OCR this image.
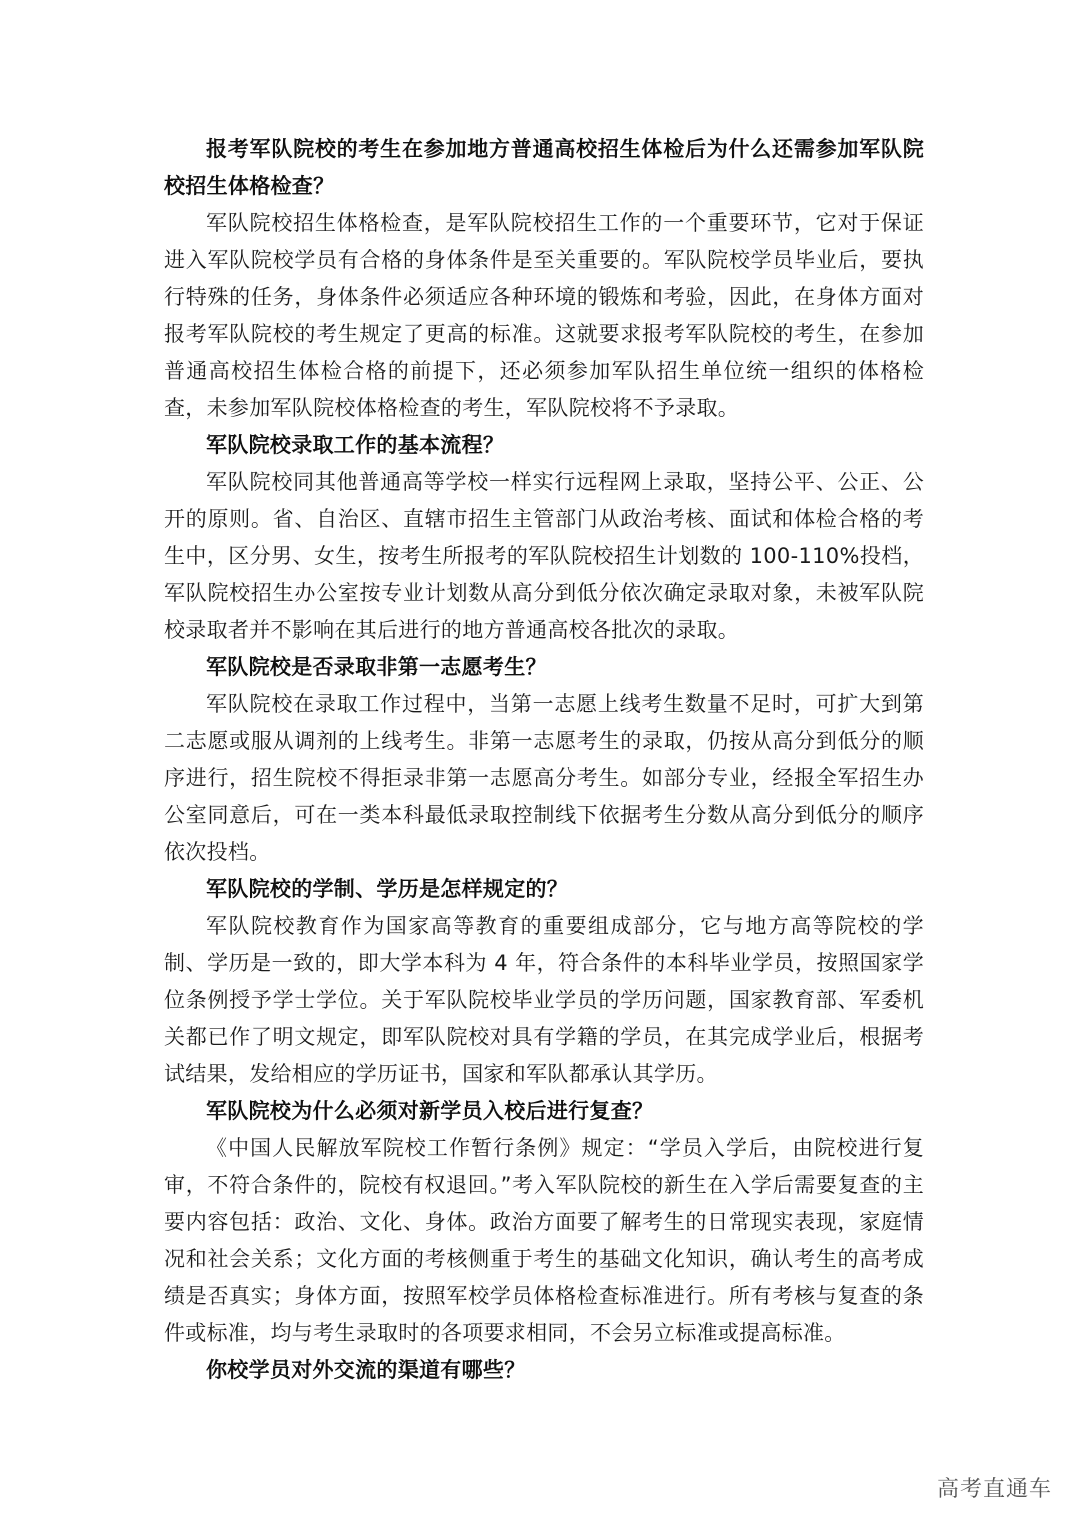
报考军队院校的考生在参加地方普通高校招生体检后为什么还需参加军队院校招生体格检查？

军队院校招生体格检查，是军队院校招生工作的一个重要环节，它对于保证进入军队院校学员有合格的身体条件是至关重要的。军队院校学员毕业后，要执行特殊的任务，身体条件必须适应各种环境的锻炼和考验，因此，在身体方面对报考军队院校的考生规定了更高的标准。这就要求报考军队院校的考生，在参加普通高校招生体检合格的前提下，还必须参加军队招生单位统一组织的体格检查，未参加军队院校体格检查的考生，军队院校将不予录取。

军队院校录取工作的基本流程？

军队院校同其他普通高等学校一样实行远程网上录取，坚持公平、公正、公开的原则。省、自治区、直辖市招生主管部门从政治考核、面试和体检合格的考生中，区分男、女生，按考生所报考的军队院校招生计划数的 100-110%投档，军队院校招生办公室按专业计划数从高分到低分依次确定录取对象，未被军队院校录取者并不影响在其后进行的地方普通高校各批次的录取。

军队院校是否录取非第一志愿考生？

军队院校在录取工作过程中，当第一志愿上线考生数量不足时，可扩大到第二志愿或服从调剂的上线考生。非第一志愿考生的录取，仍按从高分到低分的顺序进行，招生院校不得拒录非第一志愿高分考生。如部分专业，经报全军招生办公室同意后，可在一类本科最低录取控制线下依据考生分数从高分到低分的顺序依次投档。

军队院校的学制、学历是怎样规定的？

军队院校教育作为国家高等教育的重要组成部分，它与地方高等院校的学制、学历是一致的，即大学本科为 4 年，符合条件的本科毕业学员，按照国家学位条例授予学士学位。关于军队院校毕业学员的学历问题，国家教育部、军委机关都已作了明文规定，即军队院校对具有学籍的学员，在其完成学业后，根据考试结果，发给相应的学历证书，国家和军队都承认其学历。

军队院校为什么必须对新学员入校后进行复查？

《中国人民解放军院校工作暂行条例》规定：“学员入学后，由院校进行复审，不符合条件的，院校有权退回。”考入军队院校的新生在入学后需要复查的主要内容包括：政治、文化、身体。政治方面要了解考生的日常现实表现，家庭情况和社会关系；文化方面的考核侧重于考生的基础文化知识，确认考生的高考成绩是否真实；身体方面，按照军校学员体格检查标准进行。所有考核与复查的条件或标准，均与考生录取时的各项要求相同，不会另立标准或提高标准。

你校学员对外交流的渠道有哪些？

高考直通车
